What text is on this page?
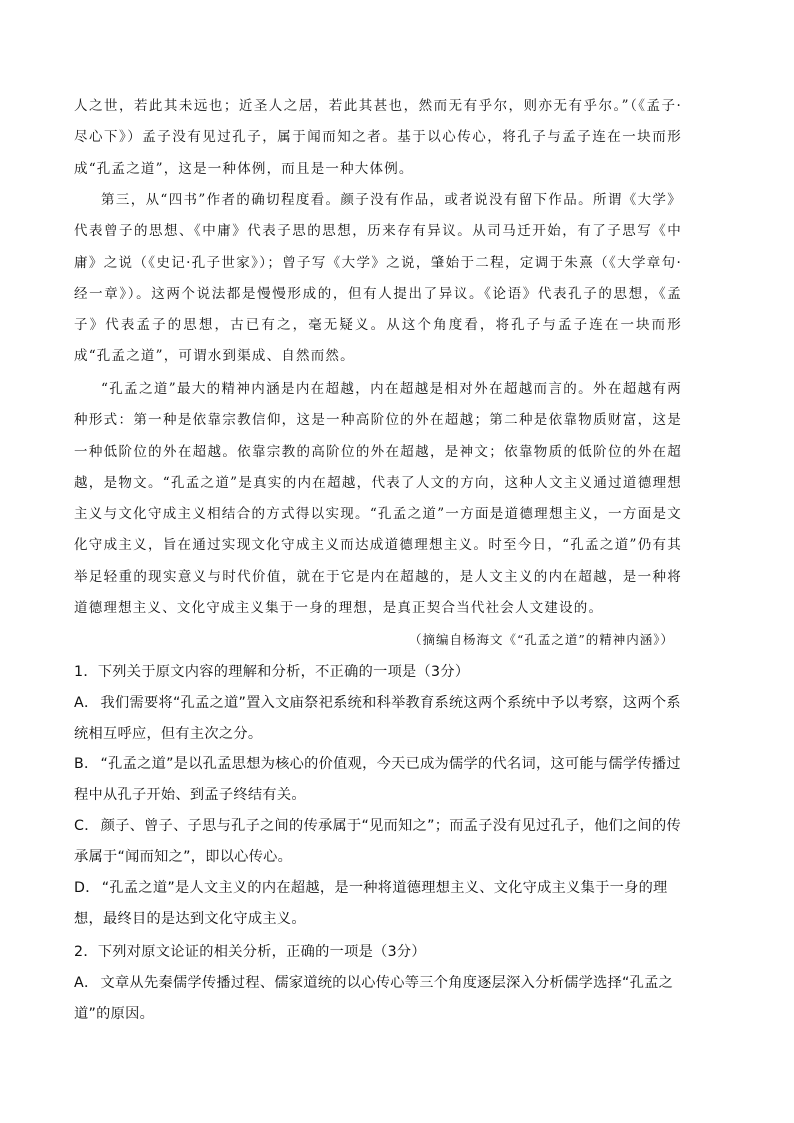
人之世，若此其未远也；近圣人之居，若此其甚也，然而无有乎尔，则亦无有乎尔。”（《孟子·尽心下》）孟子没有见过孔子，属于闻而知之者。基于以心传心，将孔子与孟子连在一块而形成“孔孟之道”，这是一种体例，而且是一种大体例。

第三，从“四书”作者的确切程度看。颜子没有作品，或者说没有留下作品。所谓《大学》代表曾子的思想、《中庸》代表子思的思想，历来存有异议。从司马迁开始，有了子思写《中庸》之说（《史记·孔子世家》）；曾子写《大学》之说，肇始于二程，定调于朱熹（《大学章句·经一章》）。这两个说法都是慢慢形成的，但有人提出了异议。《论语》代表孔子的思想，《孟子》代表孟子的思想，古已有之，毫无疑义。从这个角度看，将孔子与孟子连在一块而形成“孔孟之道”，可谓水到渠成、自然而然。

“孔孟之道”最大的精神内涵是内在超越，内在超越是相对外在超越而言的。外在超越有两种形式：第一种是依靠宗教信仰，这是一种高阶位的外在超越；第二种是依靠物质财富，这是一种低阶位的外在超越。依靠宗教的高阶位的外在超越，是神文；依靠物质的低阶位的外在超越，是物文。“孔孟之道”是真实的内在超越，代表了人文的方向，这种人文主义通过道德理想主义与文化守成主义相结合的方式得以实现。“孔孟之道”一方面是道德理想主义，一方面是文化守成主义，旨在通过实现文化守成主义而达成道德理想主义。时至今日，“孔孟之道”仍有其举足轻重的现实意义与时代价值，就在于它是内在超越的，是人文主义的内在超越，是一种将道德理想主义、文化守成主义集于一身的理想，是真正契合当代社会人文建设的。

（摘编自杨海文《“孔孟之道”的精神内涵》）

1．下列关于原文内容的理解和分析，不正确的一项是（3分）

A． 我们需要将“孔孟之道”置入文庙祭祀系统和科举教育系统这两个系统中予以考察，这两个系统相互呼应，但有主次之分。

B． “孔孟之道”是以孔孟思想为核心的价值观，今天已成为儒学的代名词，这可能与儒学传播过程中从孔子开始、到孟子终结有关。

C． 颜子、曾子、子思与孔子之间的传承属于“见而知之”；而孟子没有见过孔子，他们之间的传承属于“闻而知之”，即以心传心。

D． “孔孟之道”是人文主义的内在超越，是一种将道德理想主义、文化守成主义集于一身的理想，最终目的是达到文化守成主义。

2．下列对原文论证的相关分析，正确的一项是（3分）

A． 文章从先秦儒学传播过程、儒家道统的以心传心等三个角度逐层深入分析儒学选择“孔孟之道”的原因。
